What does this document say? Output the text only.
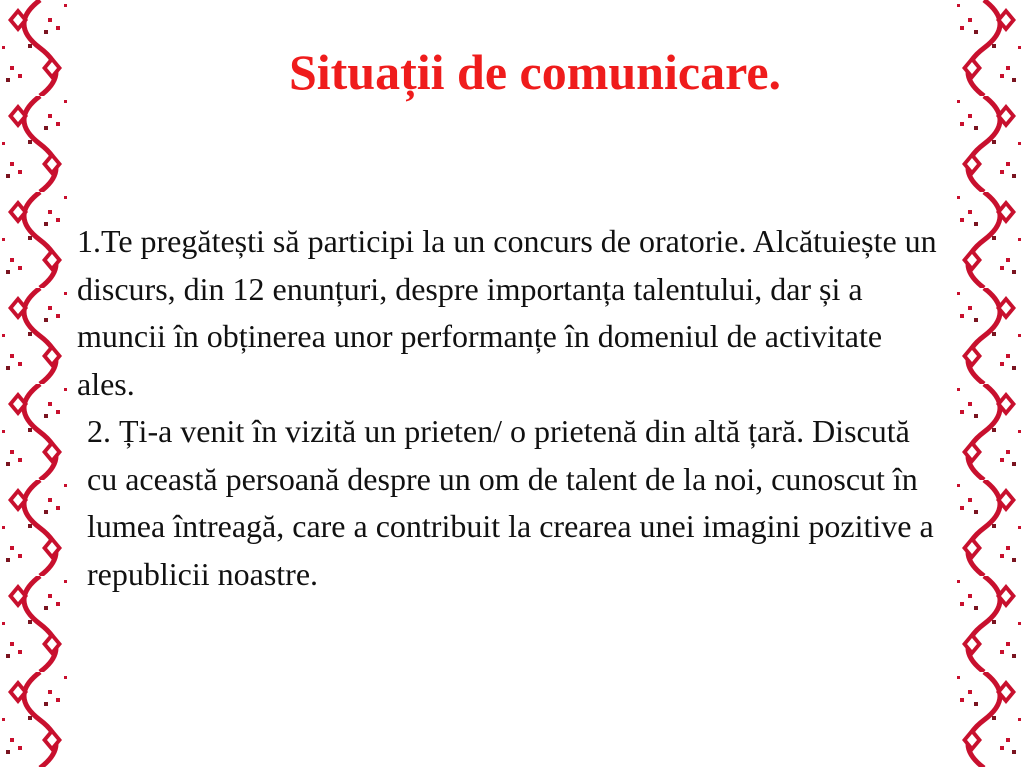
Situații de comunicare.

1.Te pregătești să participi la un concurs de oratorie. Alcătuiește un discurs, din 12 enunțuri, despre importanța talentului, dar și a muncii în obținerea unor performanțe în domeniul de activitate ales.

2. Ți-a venit în vizită un prieten/ o prietenă din altă țară. Discută cu această persoană despre un om de talent de la noi, cunoscut în lumea întreagă, care a contribuit la crearea unei imagini pozitive a republicii noastre.
